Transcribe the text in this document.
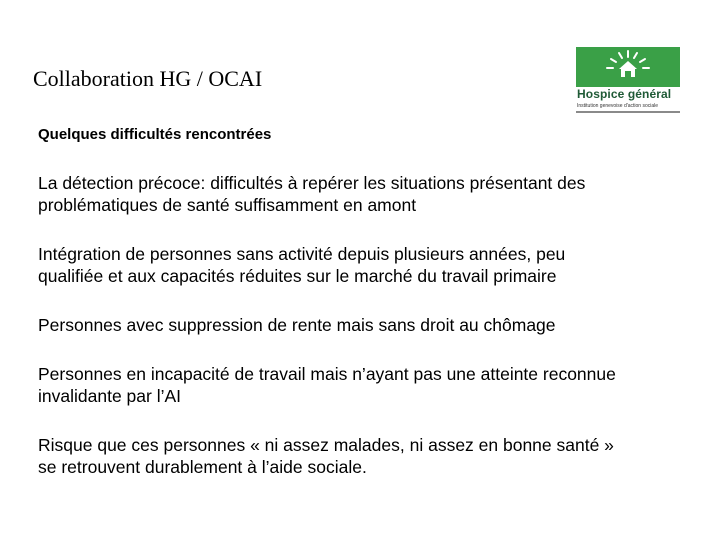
Collaboration HG / OCAI
Hospice général
Institution genevoise d'action sociale
Quelques difficultés rencontrées
La détection précoce: difficultés à repérer les situations présentant des
problématiques de santé suffisamment en amont
Intégration de personnes sans activité depuis plusieurs années, peu
qualifiée et aux capacités réduites sur le marché du travail primaire
Personnes avec suppression de rente mais sans droit au chômage
Personnes en incapacité de travail mais n’ayant pas une atteinte reconnue
invalidante par l’AI
Risque que ces personnes « ni assez malades, ni assez en bonne santé »
se retrouvent durablement à l’aide sociale.
